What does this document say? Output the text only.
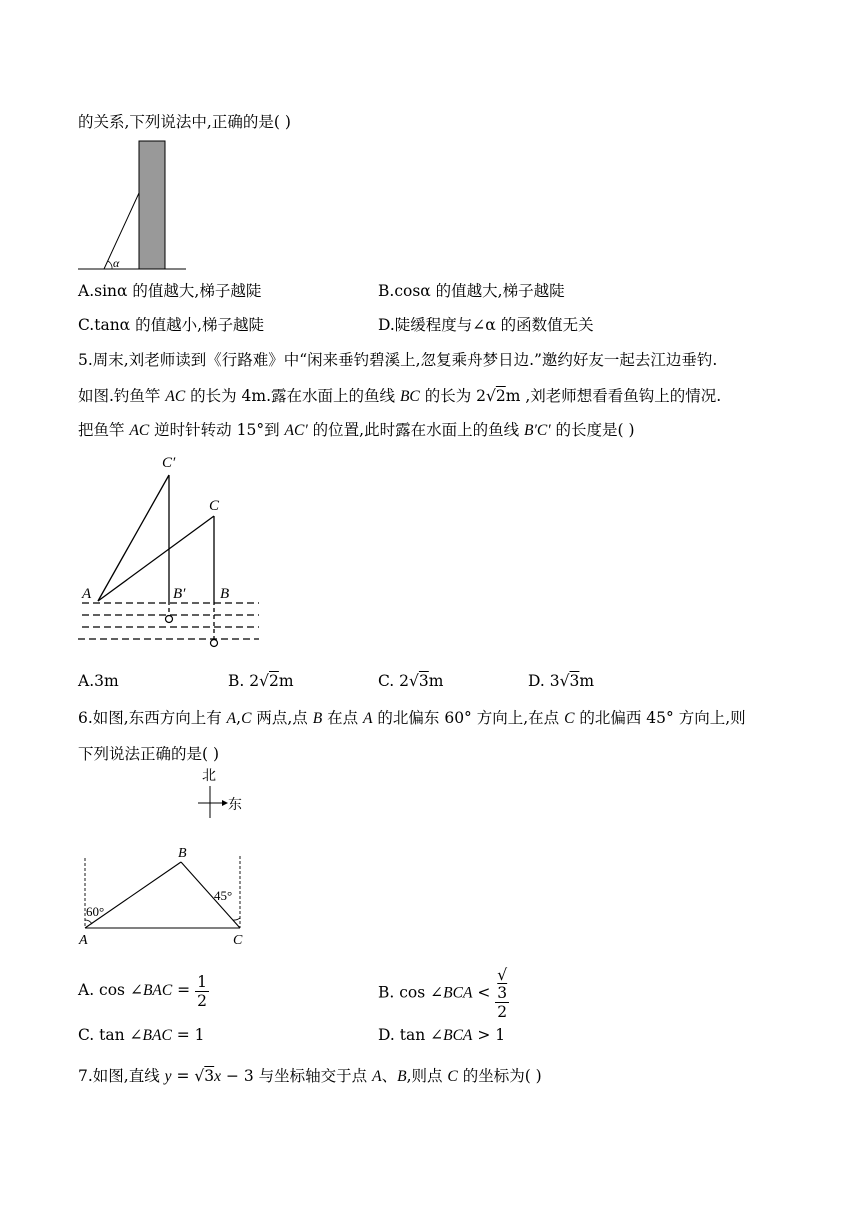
的关系,下列说法中,正确的是( )
α
A.sinα 的值越大,梯子越陡	B.cosα 的值越大,梯子越陡
C.tanα 的值越小,梯子越陡	D.陡缓程度与∠α 的函数值无关
5.周末,刘老师读到《行路难》中“闲来垂钓碧溪上,忽复乘舟梦日边.”邀约好友一起去江边垂钓.
如图.钓鱼竿 AC 的长为 4m.露在水面上的鱼线 BC 的长为 2√2m ,刘老师想看看鱼钩上的情况.
把鱼竿 AC 逆时针转动 15°到 AC′ 的位置,此时露在水面上的鱼线 B′C′ 的长度是( )
C′
C
A	B′ B
A.3m	B. 2√2m	C. 2√3m	D. 3√3m
6.如图,东西方向上有 A,C 两点,点 B 在点 A 的北偏东 60° 方向上,在点 C 的北偏西 45° 方向上,则
下列说法正确的是( )
北
东
60°
45°
B
A	C
A. cos ∠BAC = $\frac{1}{2}$	B. cos ∠BCA < √
3
2
C. tan ∠BAC = 1	D. tan ∠BCA > 1
7.如图,直线 y = √3x − 3 与坐标轴交于点 A、B,则点 C 的坐标为( )
